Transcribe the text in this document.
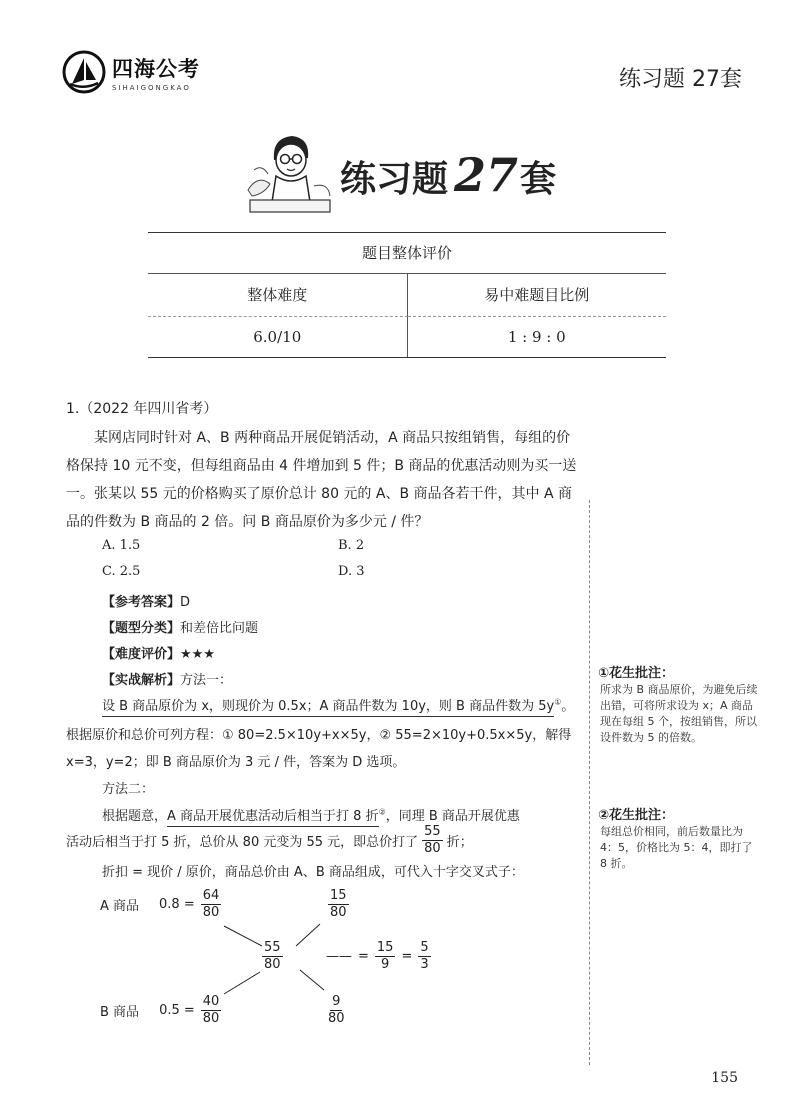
四海公考
SIHAIGONGKAO	练习题 27套
练习题 27 套
题目整体评价
整体难度	易中难题目比例
6.0/10	1 : 9 : 0
1.（2022 年四川省考）
某网店同时针对 A、B 两种商品开展促销活动，A 商品只按组销售，每组的价格保持 10 元不变，但每组商品由 4 件增加到 5 件；B 商品的优惠活动则为买一送一。张某以 55 元的价格购买了原价总计 80 元的 A、B 商品各若干件，其中 A 商品的件数为 B 商品的 2 倍。问 B 商品原价为多少元 / 件？
A. 1.5	B. 2
C. 2.5	D. 3
【参考答案】D
【题型分类】和差倍比问题
【难度评价】★★★
【实战解析】方法一：
设 B 商品原价为 x，则现价为 0.5x；A 商品件数为 10y，则 B 商品件数为 5y①。
根据原价和总价可列方程：① 80=2.5×10y+x×5y，② 55=2×10y+0.5x×5y，解得
x=3，y=2；即 B 商品原价为 3 元 / 件，答案为 D 选项。
方法二：
根据题意，A 商品开展优惠活动后相当于打 8 折②，同理 B 商品开展优惠
活动后相当于打 5 折，总价从 80 元变为 55 元，即总价打了 $\frac{55}{80}$ 折；
折扣 = 现价 / 原价，商品总价由 A、B 商品组成，可代入十字交叉式子：
A 商品 $0.8 = \frac{64}{80}$	$\frac{15}{80}$
$\frac{55}{80}$	—— = $\frac{15}{9} = \frac{5}{3}$
B 商品 $0.5 = \frac{40}{80}$	$\frac{9}{80}$
①花生批注：
所求为 B 商品原价，为避免后续出错，可将所求设为 x；A 商品现在每组 5 个，按组销售，所以设件数为 5 的倍数。
②花生批注：
每组总价相同，前后数量比为 4：5，价格比为 5：4，即打了 8 折。
155
